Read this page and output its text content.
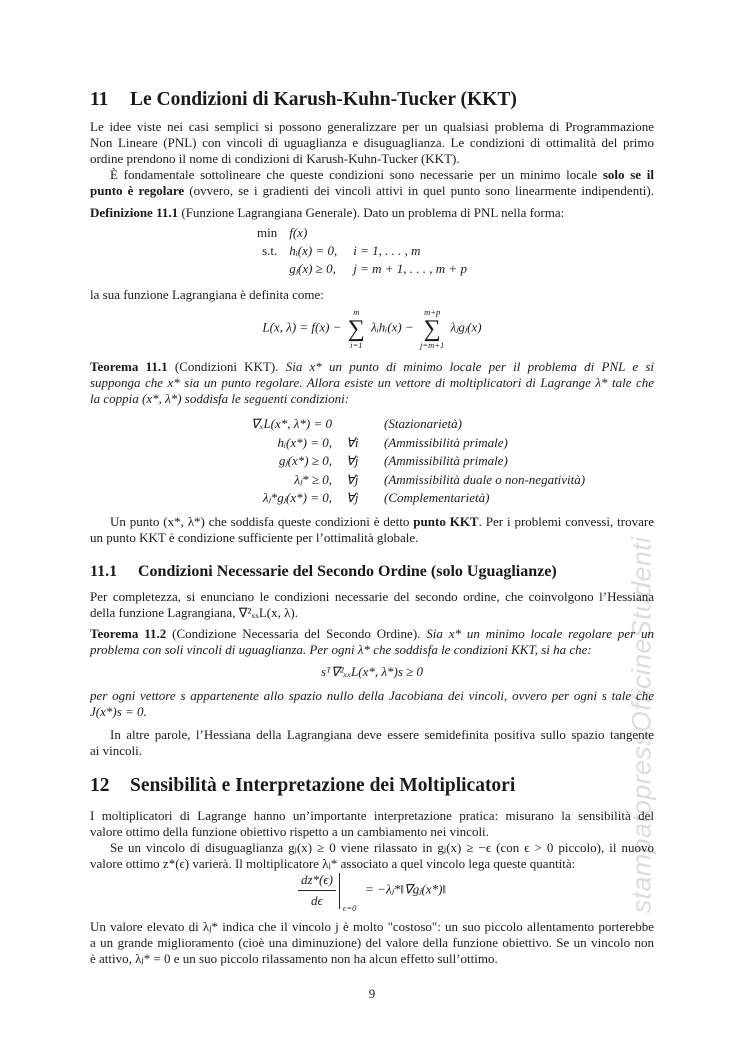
stampatopressOfficineStudenti
11 Le Condizioni di Karush-Kuhn-Tucker (KKT)
Le idee viste nei casi semplici si possono generalizzare per un qualsiasi problema di Programmazione
Non Lineare (PNL) con vincoli di uguaglianza e disuguaglianza. Le condizioni di ottimalità del primo
ordine prendono il nome di condizioni di Karush-Kuhn-Tucker (KKT).
È fondamentale sottolineare che queste condizioni sono necessarie per un minimo locale solo se il
punto è regolare (ovvero, se i gradienti dei vincoli attivi in quel punto sono linearmente indipendenti).
Definizione 11.1 (Funzione Lagrangiana Generale). Dato un problema di PNL nella forma:
min	f(x)	
s.t.	hᵢ(x) = 0,	i = 1, . . . , m
	gⱼ(x) ≥ 0,	j = m + 1, . . . , m + p
la sua funzione Lagrangiana è definita come:
L(x, λ) = f(x) −
m
∑
i=1
λᵢhᵢ(x) −
m+p
∑
j=m+1
λⱼgⱼ(x)
Teorema 11.1 (Condizioni KKT). Sia x* un punto di minimo locale per il problema di PNL e si
supponga che x* sia un punto regolare. Allora esiste un vettore di moltiplicatori di Lagrange λ* tale che
la coppia (x*, λ*) soddisfa le seguenti condizioni:
∇ₓL(x*, λ*) = 0		(Stazionarietà)
hᵢ(x*) = 0,	∀i	(Ammissibilità primale)
gⱼ(x*) ≥ 0,	∀j	(Ammissibilità primale)
λⱼ* ≥ 0,	∀j	(Ammissibilità duale o non-negatività)
λⱼ*gⱼ(x*) = 0,	∀j	(Complementarietà)
Un punto (x*, λ*) che soddisfa queste condizioni è detto punto KKT. Per i problemi convessi, trovare
un punto KKT è condizione sufficiente per l’ottimalità globale.
11.1 Condizioni Necessarie del Secondo Ordine (solo Uguaglianze)
Per completezza, si enunciano le condizioni necessarie del secondo ordine, che coinvolgono l’Hessiana
della funzione Lagrangiana, ∇²ₓₓL(x, λ).
Teorema 11.2 (Condizione Necessaria del Secondo Ordine). Sia x* un minimo locale regolare per un
problema con soli vincoli di uguaglianza. Per ogni λ* che soddisfa le condizioni KKT, si ha che:
sᵀ∇²ₓₓL(x*, λ*)s ≥ 0
per ogni vettore s appartenente allo spazio nullo della Jacobiana dei vincoli, ovvero per ogni s tale che
J(x*)s = 0.
In altre parole, l’Hessiana della Lagrangiana deve essere semidefinita positiva sullo spazio tangente
ai vincoli.
12 Sensibilità e Interpretazione dei Moltiplicatori
I moltiplicatori di Lagrange hanno un’importante interpretazione pratica: misurano la sensibilità del
valore ottimo della funzione obiettivo rispetto a un cambiamento nei vincoli.
Se un vincolo di disuguaglianza gⱼ(x) ≥ 0 viene rilassato in gⱼ(x) ≥ −ϵ (con ϵ > 0 piccolo), il nuovo
valore ottimo z*(ϵ) varierà. Il moltiplicatore λⱼ* associato a quel vincolo lega queste quantità:
$\frac{dz*(\epsilon)}{d\epsilon} \epsilon=0$
= −λⱼ*‖∇gⱼ(x*)‖
Un valore elevato di λⱼ* indica che il vincolo j è molto "costoso": un suo piccolo allentamento porterebbe
a un grande miglioramento (cioè una diminuzione) del valore della funzione obiettivo. Se un vincolo non
è attivo, λⱼ* = 0 e un suo piccolo rilassamento non ha alcun effetto sull’ottimo.
9
